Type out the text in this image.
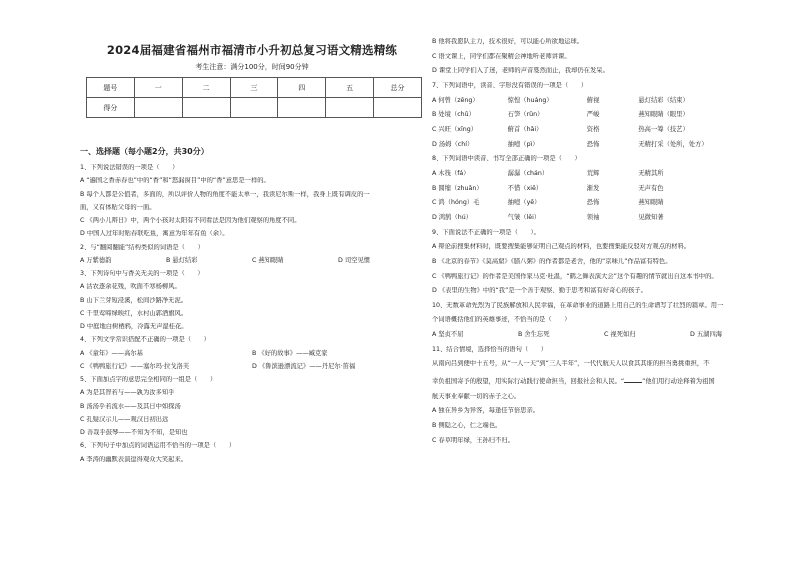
2024届福建省福州市福清市小升初总复习语文精选精练
考生注意：满分100分，时间90分钟
题号	一	二	三	四	五	总分
得分						
一、选择题（每小题2分，共30分）
1、下列说法错误的一项是（　　）
A “遍国之香赤春也”中的“香”和“怒漏窗目”中的“香”意思是一样的。
B 每个人都是公值者，多面的，所以评价人物的角度不能太单一，我读尼尔斯一样，我身上既有调皮的一
面，又有体贴父母的一面。
C 《两小儿辩日》中，两个小孩对太阳有不同看法是因为他们观察的角度不同。
D 中国人过年时贴春联吃鱼，寓意为年年有鱼（余）。
2、与“翻阅翻能”结构类似的词语是（　　）
A 万紫德韵	B 悬灯结彩	C 燕知眼睛	D 司空见惯
3、下列诗句中与香关无关的一项是（　　）
A 沽农逐余花残，吹面不寒杨柳风。
B 山下兰芽短浸溪，松间沙路净无泥。
C 千里莺啼绿映红，水村山郭酒旗风。
D 中庭地白树栖鸦，冷露无声湿桂花。
4、下列文学常识搭配不正确的一项是（　　）
A 《童年》——高尔基	B 《好的故事》——臧克家
C 《鸭鸭旅行记》——塞尔玛·拉戈洛芙	D 《鲁滨逊漂流记》——丹尼尔·笛福
5、下面加点字的意思完全相同的一组是（　　）
A 为是其智若与——孰为汝多知乎
B 汤汤乎若流水——及其日中如探汤
C 孔疑汉示儿——观汉日初出远
D 善哉乎鼓琴——不知为不知，是知也
6、下列句子中加点的词语运用不恰当的一项是（　　）
A 李涛的幽默表演逗得观众大笑起来。
B 他将我愿队主力，技术很好，可以能心所欲地运球。
C 语文课上，同学们都在聚精会神地听老师讲课。
D 课堂上同学们入了迷，老师的声音戛然而止，我却仍在发呆。
7、下列词语中，读音、字形没有错误的一项是（　　）
A 何曾（zēng）	惊惶（huáng）	俯视	悬灯结彩（结束）
B 处境（chǔ）	石笋（rǔn）	严峻	燕知眼睛（眼里）
C 兴旺（xīng）	俯首（hǎi）	资格	热高一筹（技艺）
D 汤姆（chí）	抽噎（pì）	恐怖	无精打采（处所，处方）
8、下列词语中读音、书写全部正确的一项是（　　）
A 木筏（fá）	潺潺（chán）	荒辉	无精其所
B 圆缩（zhuǎn）	不惜（xiē）	渐发	无声有色
C 鸿（hóng）毛	抽噎（yē）	恐怖	燕知眼睛
D 鸿鹄（hú）	气皱（lěi）	领袖	见微知著
9、下面说法不正确的一项是（　　）。
A 辩论前搜集材料时，既要搜集能够证明自己观点的材料，也要搜集能反驳对方观点的材料。
B 《北京的春节》《莫高窟》《腊八粥》的作者都是老舍，他的“京味儿”作品富有特色。
C 《鸭鸭旅行记》的作者是美国作家马克·吐温，“鹤之舞表演大会”这个有趣的情节就出自这本书中的。
D 《表里的生物》中的“我”是一个善于观察、勤于思考和富有好奇心的孩子。
10、无数革命先烈为了民族解放和人民幸福，在革命事业的道路上用自己的生命谱写了壮烈的篇章。用一
个词语概括他们的英雄事迹，不恰当的是（　　）
A 坚贞不屈	B 舍生忘死	C 视死如归	D 五湖四海
11、结合情境，选择恰当的语句（　　）
从南向吕到便中十五号，从“一人一天”到“三人半年”，一代代航天人以食其其谁的担当勇挑重担，不
幸负祖国寄予的殷望，用实际行动践行使命担当，回报社会和人民。“	”他们用行动诠释着为祖国
航天事业奉献一切的赤子之心。
A 独在异乡为异客，每逢佳节倍思亲。
B 侧隐之心，仁之端也。
C 春草明年绿，王孙归不归。
